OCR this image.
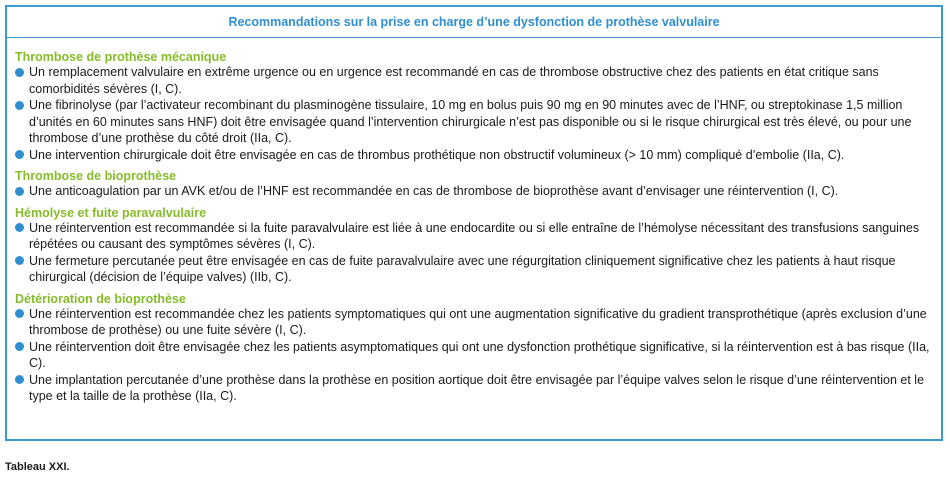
Recommandations sur la prise en charge d’une dysfonction de prothèse valvulaire
Thrombose de prothèse mécanique
Un remplacement valvulaire en extrême urgence ou en urgence est recommandé en cas de thrombose obstructive chez des patients en état critique sans comorbidités sévères (I, C).
Une fibrinolyse (par l’activateur recombinant du plasminogène tissulaire, 10 mg en bolus puis 90 mg en 90 minutes avec de l’HNF, ou streptokinase 1,5 million d’unités en 60 minutes sans HNF) doit être envisagée quand l’intervention chirurgicale n’est pas disponible ou si le risque chirurgical est très élevé, ou pour une thrombose d’une prothèse du côté droit (IIa, C).
Une intervention chirurgicale doit être envisagée en cas de thrombus prothétique non obstructif volumineux (> 10 mm) compliqué d’embolie (IIa, C).
Thrombose de bioprothèse
Une anticoagulation par un AVK et/ou de l’HNF est recommandée en cas de thrombose de bioprothèse avant d’envisager une réintervention (I, C).
Hémolyse et fuite paravalvulaire
Une réintervention est recommandée si la fuite paravalvulaire est liée à une endocardite ou si elle entraîne de l’hémolyse nécessitant des transfusions sanguines répétées ou causant des symptômes sévères (I, C).
Une fermeture percutanée peut être envisagée en cas de fuite paravalvulaire avec une régurgitation cliniquement significative chez les patients à haut risque chirurgical (décision de l’équipe valves) (IIb, C).
Détérioration de bioprothèse
Une réintervention est recommandée chez les patients symptomatiques qui ont une augmentation significative du gradient transprothétique (après exclusion d’une thrombose de prothèse) ou une fuite sévère (I, C).
Une réintervention doit être envisagée chez les patients asymptomatiques qui ont une dysfonction prothétique significative, si la réintervention est à bas risque (IIa, C).
Une implantation percutanée d’une prothèse dans la prothèse en position aortique doit être envisagée par l’équipe valves selon le risque d’une réintervention et le type et la taille de la prothèse (IIa, C).
Tableau XXI.
